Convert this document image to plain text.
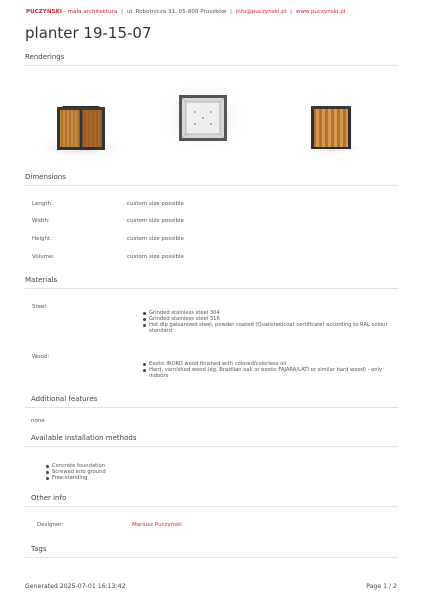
PUCZYŃSKI - mała architektura | ul. Robotnicza 31, 05-800 Pruszków | info@puczynski.pl | www.puczynski.pl
planter 19-15-07
Renderings
Dimensions
Length:	custom size possible
Width:	custom size possible
Height:	custom size possible
Volume:	custom size possible
Materials
Steel:
Grinded stainless steel 304
Grinded stainless steel 316
Hot dip galvanized steel, powder coated (Qualisteelcoat certificate) according to RAL colour standard
Wood:
Exotic IROKO wood finished with colored/colorless oil
Hard, varnished wood (eg. Brazilian oak or exotic FAJARA/LATI or similar hard wood) - only indoors
Additional features
none
Available installation methods
Concrete foundation
Screwed into ground
Free-standing
Other info
Designer:	Mariusz Puczyński
Tags
Generated 2025-07-01 16:13:42	Page 1 / 2
